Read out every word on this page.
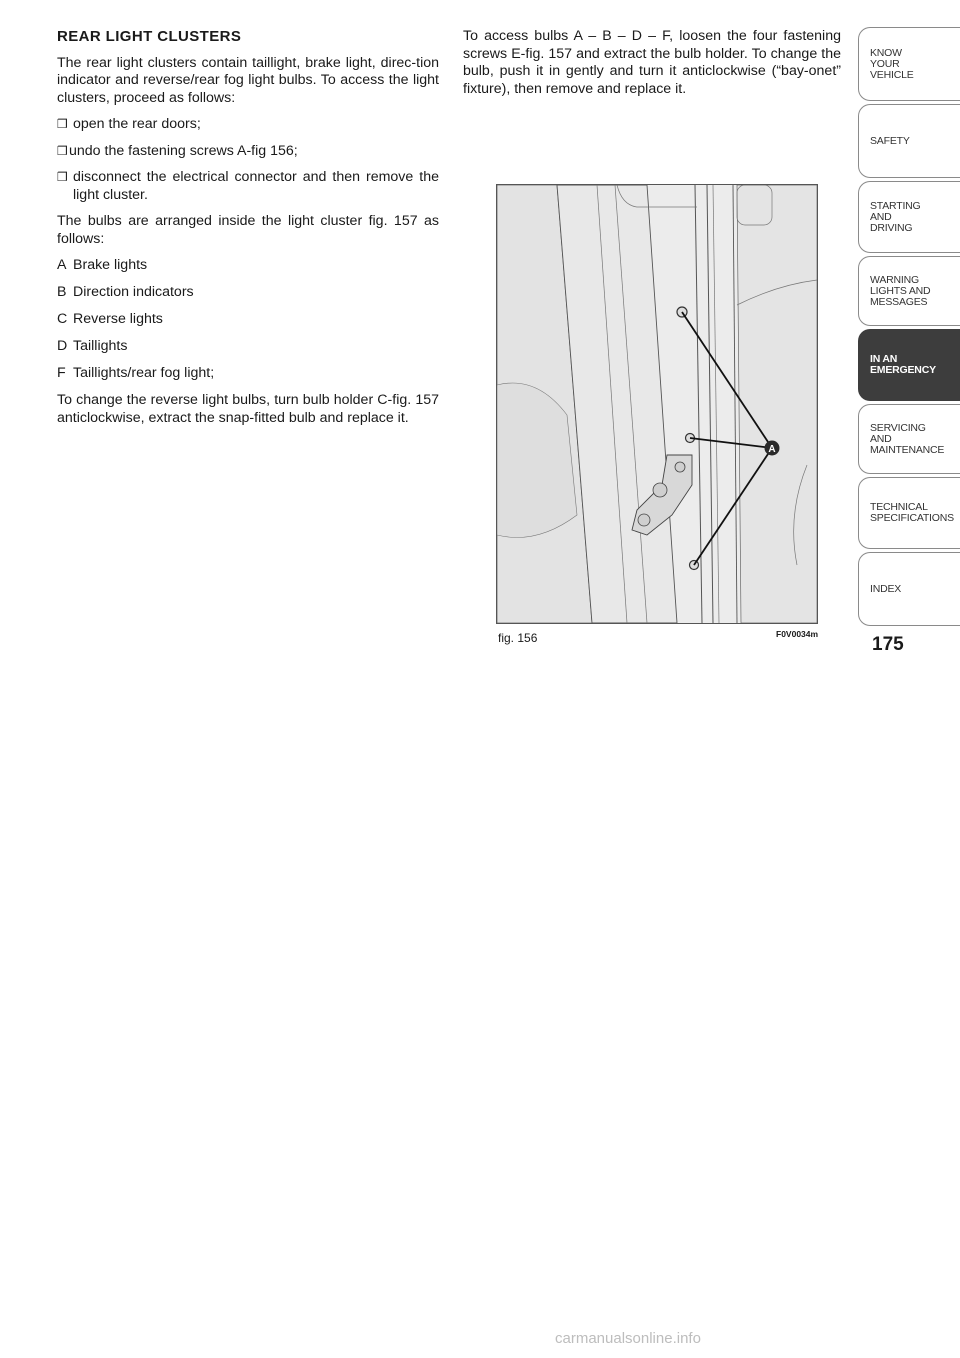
REAR LIGHT CLUSTERS

The rear light clusters contain taillight, brake light, direc-tion indicator and reverse/rear fog light bulbs. To access the light clusters, proceed as follows:

❒ open the rear doors;
❒ undo the fastening screws A-fig 156;
❒ disconnect the electrical connector and then remove the light cluster.

The bulbs are arranged inside the light cluster fig. 157 as follows:

A Brake lights
B Direction indicators
C Reverse lights
D Taillights
F Taillights/rear fog light;

To change the reverse light bulbs, turn bulb holder C-fig. 157 anticlockwise, extract the snap-fitted bulb and replace it.

To access bulbs A – B – D – F, loosen the four fastening screws E-fig. 157 and extract the bulb holder. To change the bulb, push it in gently and turn it anticlockwise (“bay-onet” fixture), then remove and replace it.

A
fig. 156	F0V0034m
KNOW
YOUR
VEHICLE
SAFETY
STARTING
AND
DRIVING
WARNING
LIGHTS AND
MESSAGES
IN AN
EMERGENCY
SERVICING
AND
MAINTENANCE
TECHNICAL
SPECIFICATIONS
INDEX
175
carmanualsonline.info
